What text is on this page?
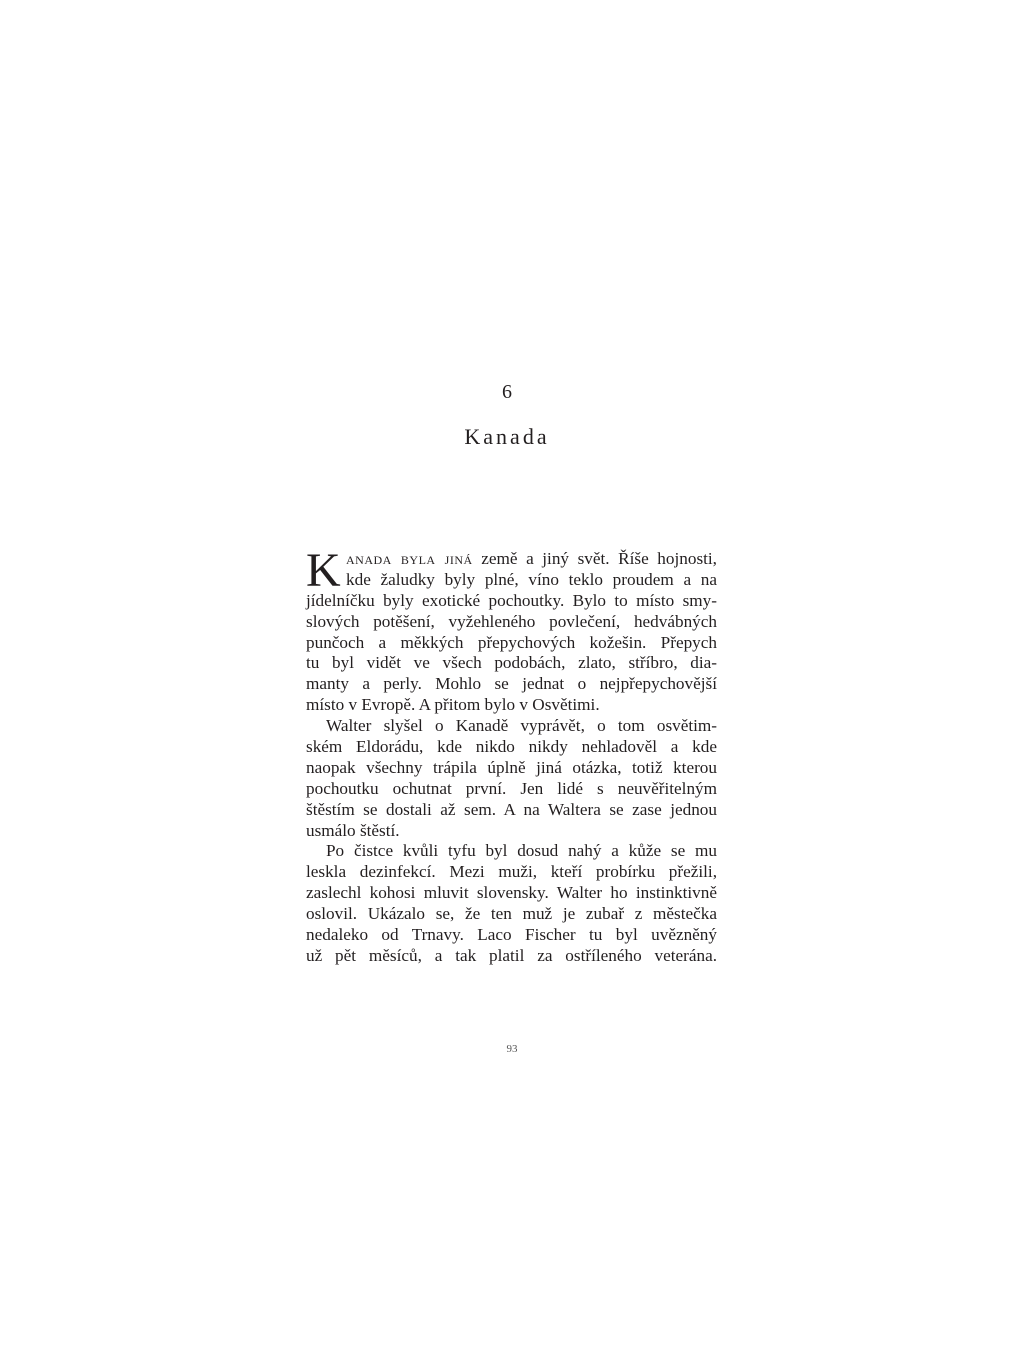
6
Kanada
K anada byla jiná země a jiný svět. Říše hojnosti,
kde žaludky byly plné, víno teklo proudem a na
jídelníčku byly exotické pochoutky. Bylo to místo smy-
slových potěšení, vyžehleného povlečení, hedvábných
punčoch a měkkých přepychových kožešin. Přepych
tu byl vidět ve všech podobách, zlato, stříbro, dia-
manty a perly. Mohlo se jednat o nejpřepychovější
místo v Evropě. A přitom bylo v Osvětimi.
Walter slyšel o Kanadě vyprávět, o tom osvětim-
ském Eldorádu, kde nikdo nikdy nehladověl a kde
naopak všechny trápila úplně jiná otázka, totiž kterou
pochoutku ochutnat první. Jen lidé s neuvěřitelným
štěstím se dostali až sem. A na Waltera se zase jednou
usmálo štěstí.
Po čistce kvůli tyfu byl dosud nahý a kůže se mu
leskla dezinfekcí. Mezi muži, kteří probírku přežili,
zaslechl kohosi mluvit slovensky. Walter ho instinktivně
oslovil. Ukázalo se, že ten muž je zubař z městečka
nedaleko od Trnavy. Laco Fischer tu byl uvězněný
už pět měsíců, a tak platil za ostříleného veterána.
93
